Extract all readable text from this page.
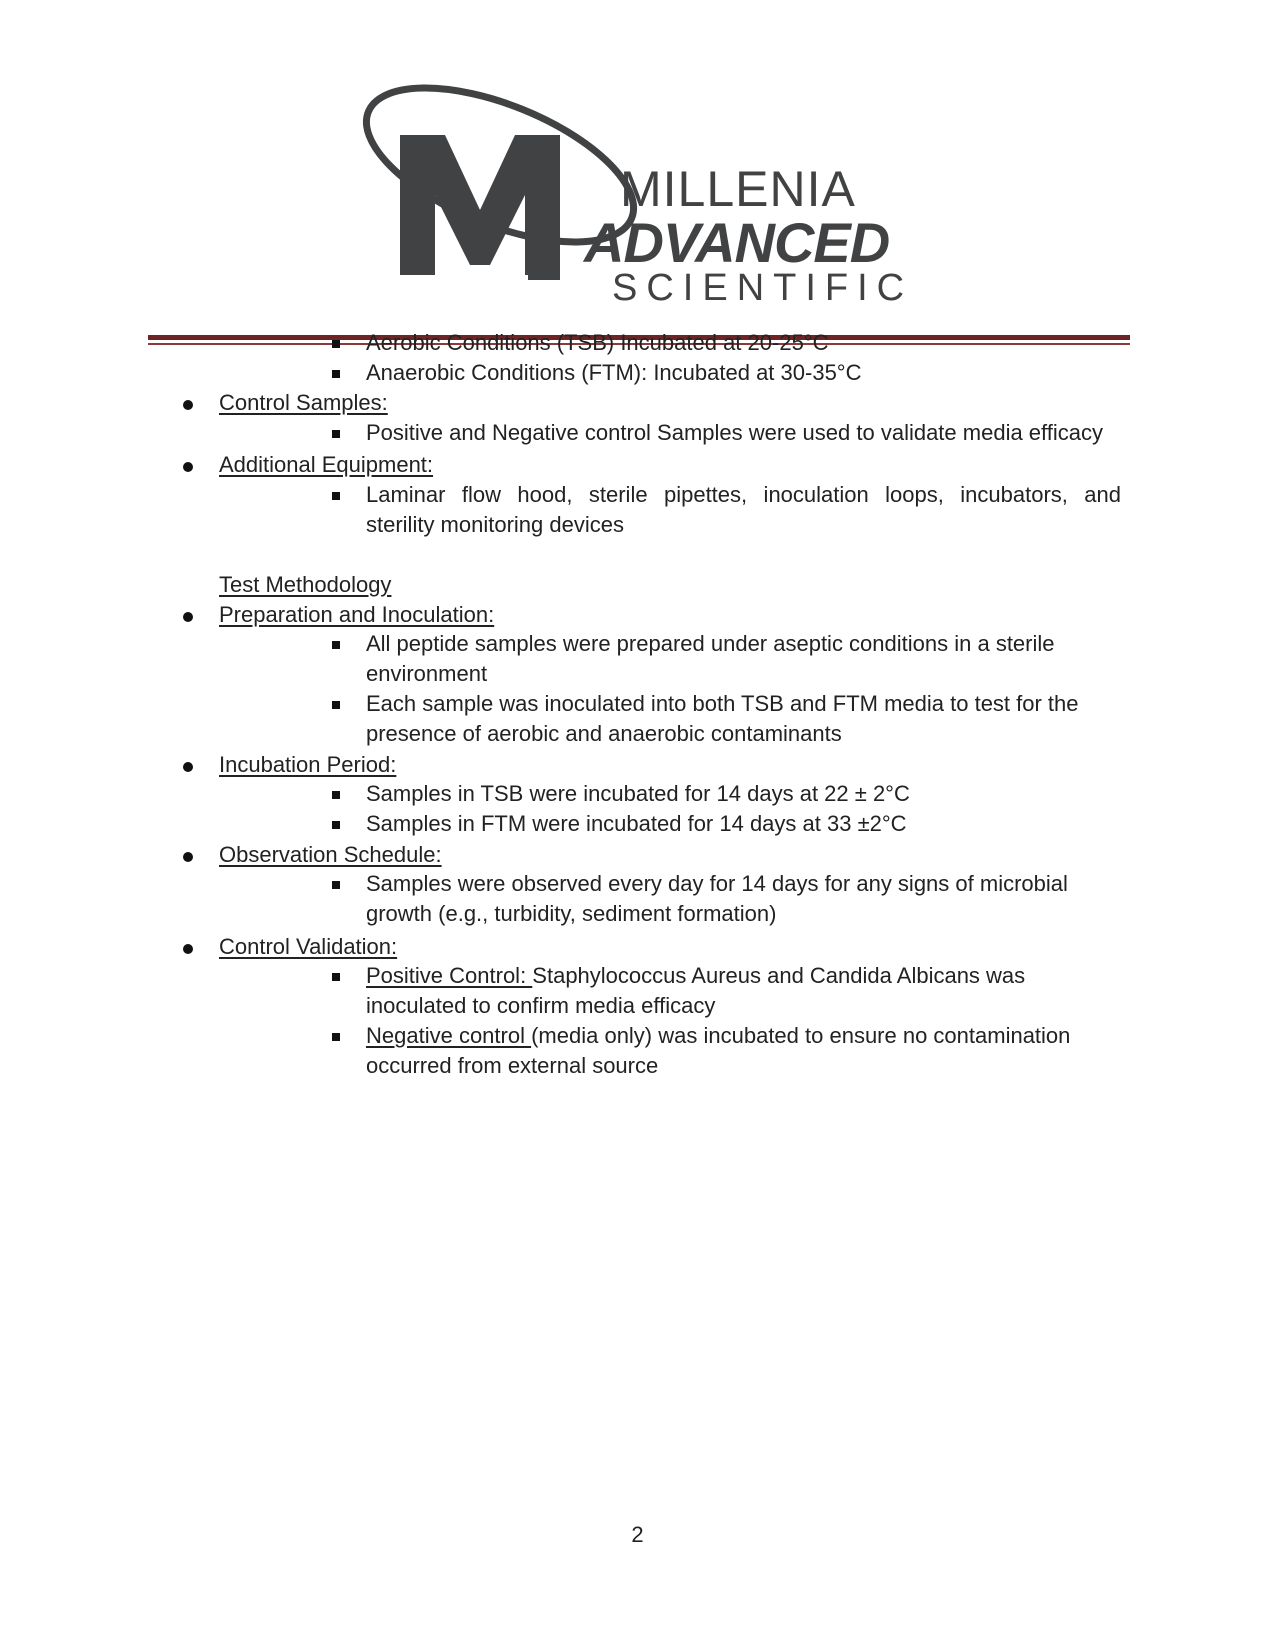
MILLENIA
ADVANCED
SCIENTIFIC
Aerobic Conditions (TSB) Incubated at 20-25°C
Anaerobic Conditions (FTM): Incubated at 30-35°C
Control Samples:
Positive and Negative control Samples were used to validate media efficacy
Additional Equipment:
Laminar flow hood, sterile pipettes, inoculation loops, incubators, and
sterility monitoring devices
Test Methodology
Preparation and Inoculation:
All peptide samples were prepared under aseptic conditions in a sterile
environment
Each sample was inoculated into both TSB and FTM media to test for the
presence of aerobic and anaerobic contaminants
Incubation Period:
Samples in TSB were incubated for 14 days at 22 ± 2°C
Samples in FTM were incubated for 14 days at 33 ±2°C
Observation Schedule:
Samples were observed every day for 14 days for any signs of microbial
growth (e.g., turbidity, sediment formation)
Control Validation:
Positive Control: Staphylococcus Aureus and Candida Albicans was
inoculated to confirm media efficacy
Negative control (media only) was incubated to ensure no contamination
occurred from external source
2
